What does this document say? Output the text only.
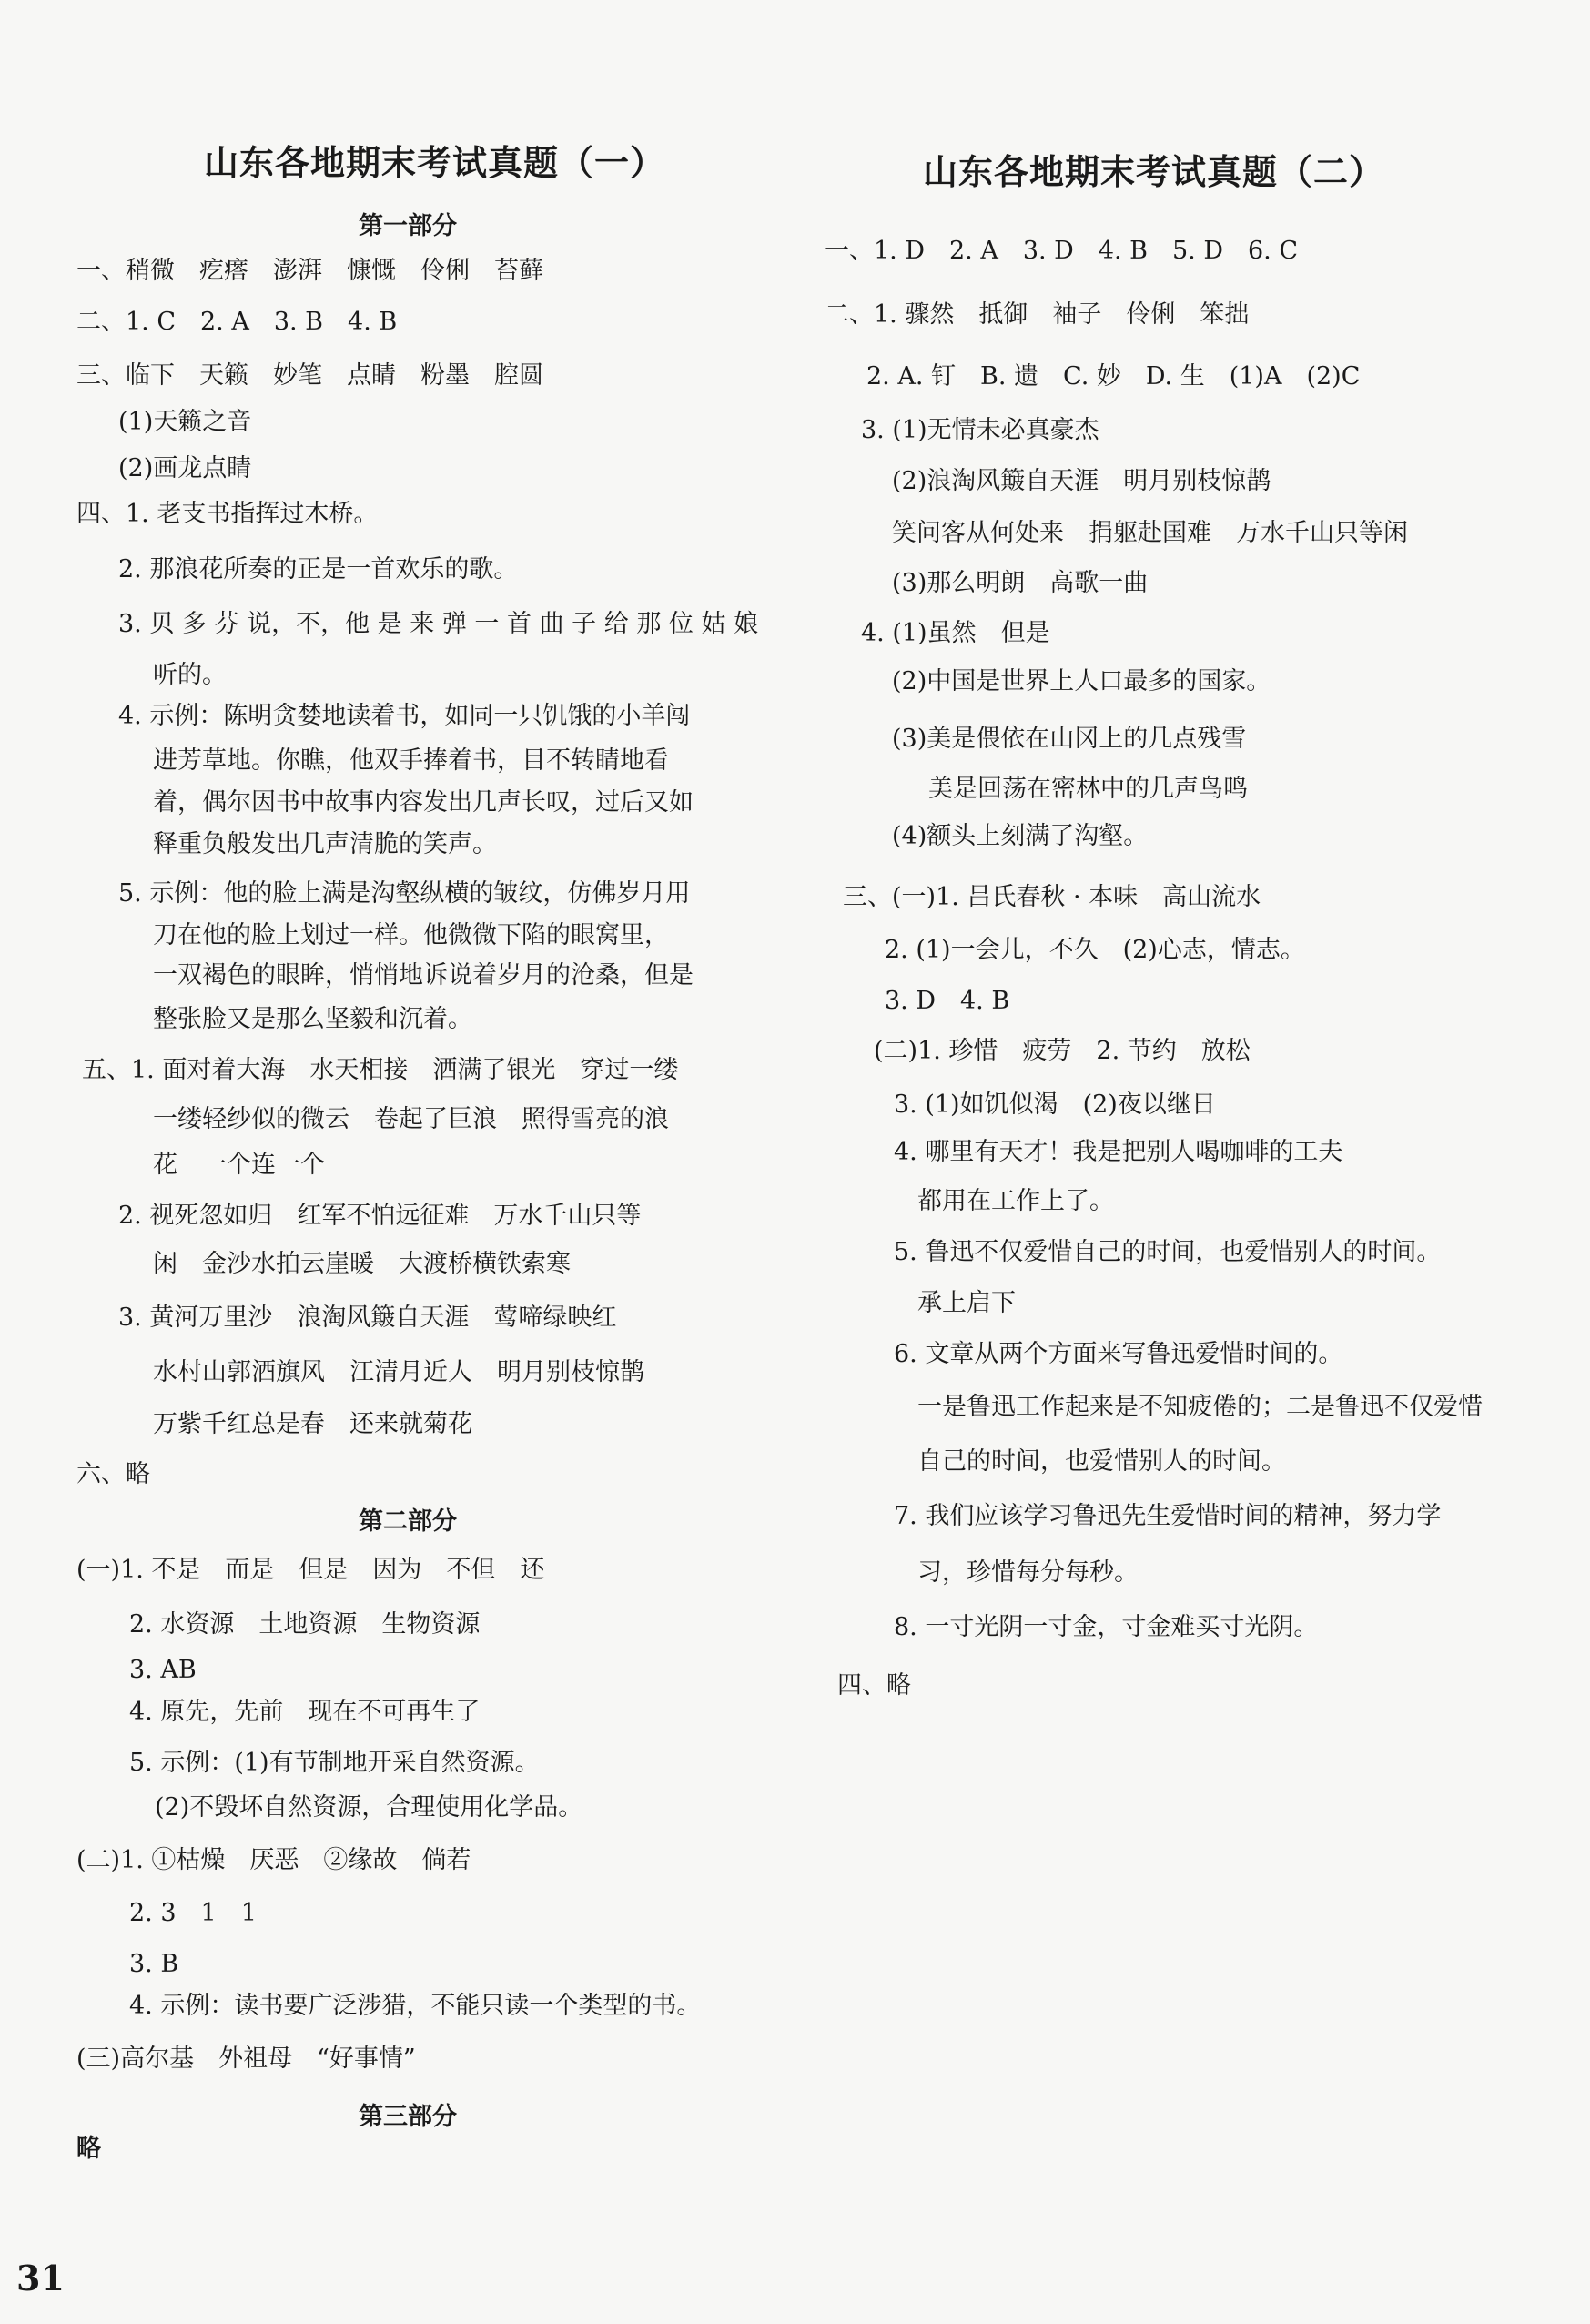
山东各地期末考试真题（一）
第一部分
一、稍微　疙瘩　澎湃　慷慨　伶俐　苔藓
二、1. C　2. A　3. B　4. B
三、临下　天籁　妙笔　点睛　粉墨　腔圆
(1)天籁之音
(2)画龙点睛
四、1. 老支书指挥过木桥。
2. 那浪花所奏的正是一首欢乐的歌。
3. 贝 多 芬 说，不，他 是 来 弹 一 首 曲 子 给 那 位 姑 娘
听的。
4. 示例：陈明贪婪地读着书，如同一只饥饿的小羊闯
进芳草地。你瞧，他双手捧着书，目不转睛地看
着，偶尔因书中故事内容发出几声长叹，过后又如
释重负般发出几声清脆的笑声。
5. 示例：他的脸上满是沟壑纵横的皱纹，仿佛岁月用
刀在他的脸上划过一样。他微微下陷的眼窝里，
一双褐色的眼眸，悄悄地诉说着岁月的沧桑，但是
整张脸又是那么坚毅和沉着。
五、1. 面对着大海　水天相接　洒满了银光　穿过一缕
一缕轻纱似的微云　卷起了巨浪　照得雪亮的浪
花　一个连一个
2. 视死忽如归　红军不怕远征难　万水千山只等
闲　金沙水拍云崖暖　大渡桥横铁索寒
3. 黄河万里沙　浪淘风簸自天涯　莺啼绿映红
水村山郭酒旗风　江清月近人　明月别枝惊鹊
万紫千红总是春　还来就菊花
六、略
第二部分
(一)1. 不是　而是　但是　因为　不但　还
2. 水资源　土地资源　生物资源
3. AB
4. 原先，先前　现在不可再生了
5. 示例：(1)有节制地开采自然资源。
(2)不毁坏自然资源，合理使用化学品。
(二)1. ①枯燥　厌恶　②缘故　倘若
2. 3　1　1
3. B
4. 示例：读书要广泛涉猎，不能只读一个类型的书。
(三)高尔基　外祖母　“好事情”
第三部分
略
山东各地期末考试真题（二）
一、1. D　2. A　3. D　4. B　5. D　6. C
二、1. 骤然　抵御　袖子　伶俐　笨拙
2. A. 钉　B. 遗　C. 妙　D. 生　(1)A　(2)C
3. (1)无情未必真豪杰
(2)浪淘风簸自天涯　明月别枝惊鹊
笑问客从何处来　捐躯赴国难　万水千山只等闲
(3)那么明朗　高歌一曲
4. (1)虽然　但是
(2)中国是世界上人口最多的国家。
(3)美是偎依在山冈上的几点残雪
美是回荡在密林中的几声鸟鸣
(4)额头上刻满了沟壑。
三、(一)1. 吕氏春秋 · 本味　高山流水
2. (1)一会儿，不久　(2)心志，情志。
3. D　4. B
(二)1. 珍惜　疲劳　2. 节约　放松
3. (1)如饥似渴　(2)夜以继日
4. 哪里有天才！我是把别人喝咖啡的工夫
都用在工作上了。
5. 鲁迅不仅爱惜自己的时间，也爱惜别人的时间。
承上启下
6. 文章从两个方面来写鲁迅爱惜时间的。
一是鲁迅工作起来是不知疲倦的；二是鲁迅不仅爱惜
自己的时间，也爱惜别人的时间。
7. 我们应该学习鲁迅先生爱惜时间的精神，努力学
习，珍惜每分每秒。
8. 一寸光阴一寸金，寸金难买寸光阴。
四、略
31
